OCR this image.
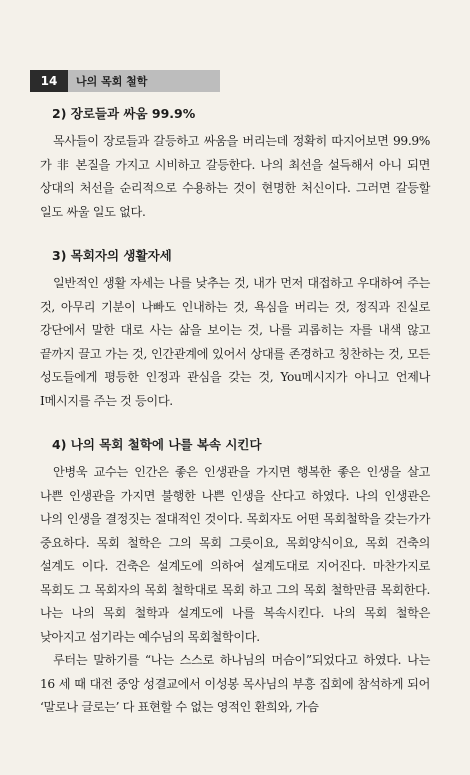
14	나의 목회 철학
2) 장로들과 싸움 99.9%

목사들이 장로들과 갈등하고 싸움을 버리는데 정확히 따지어보면 99.9%가 非 본질을 가지고 시비하고 갈등한다. 나의 최선을 설득해서 아니 되면 상대의 처선을 순리적으로 수용하는 것이 현명한 처신이다. 그러면 갈등할 일도 싸울 일도 없다.

3) 목회자의 생활자세

일반적인 생활 자세는 나를 낮추는 것, 내가 먼저 대접하고 우대하여 주는 것, 아무리 기분이 나빠도 인내하는 것, 욕심을 버리는 것, 정직과 진실로 강단에서 말한 대로 사는 삶을 보이는 것, 나를 괴롭히는 자를 내색 않고 끝까지 끌고 가는 것, 인간관계에 있어서 상대를 존경하고 칭찬하는 것, 모든 성도들에게 평등한 인정과 관심을 갖는 것, You메시지가 아니고 언제나 I메시지를 주는 것 등이다.

4) 나의 목회 철학에 나를 복속 시킨다

안병욱 교수는 인간은 좋은 인생관을 가지면 행복한 좋은 인생을 살고 나쁜 인생관을 가지면 불행한 나쁜 인생을 산다고 하였다. 나의 인생관은 나의 인생을 결정짓는 절대적인 것이다. 목회자도 어떤 목회철학을 갖는가가 중요하다. 목회 철학은 그의 목회 그릇이요, 목회양식이요, 목회 건축의 설계도 이다. 건축은 설계도에 의하여 설계도대로 지어진다. 마찬가지로 목회도 그 목회자의 목회 철학대로 목회 하고 그의 목회 철학만큼 목회한다. 나는 나의 목회 철학과 설계도에 나를 복속시킨다. 나의 목회 철학은 낮아지고 섬기라는 예수님의 목회철학이다.

루터는 말하기를 “나는 스스로 하나님의 머슴이”되었다고 하였다. 나는 16 세 때 대전 중앙 성결교에서 이성봉 목사님의 부흥 집회에 참석하게 되어 ‘말로나 글로는’ 다 표현할 수 없는 영적인 환희와, 가슴
